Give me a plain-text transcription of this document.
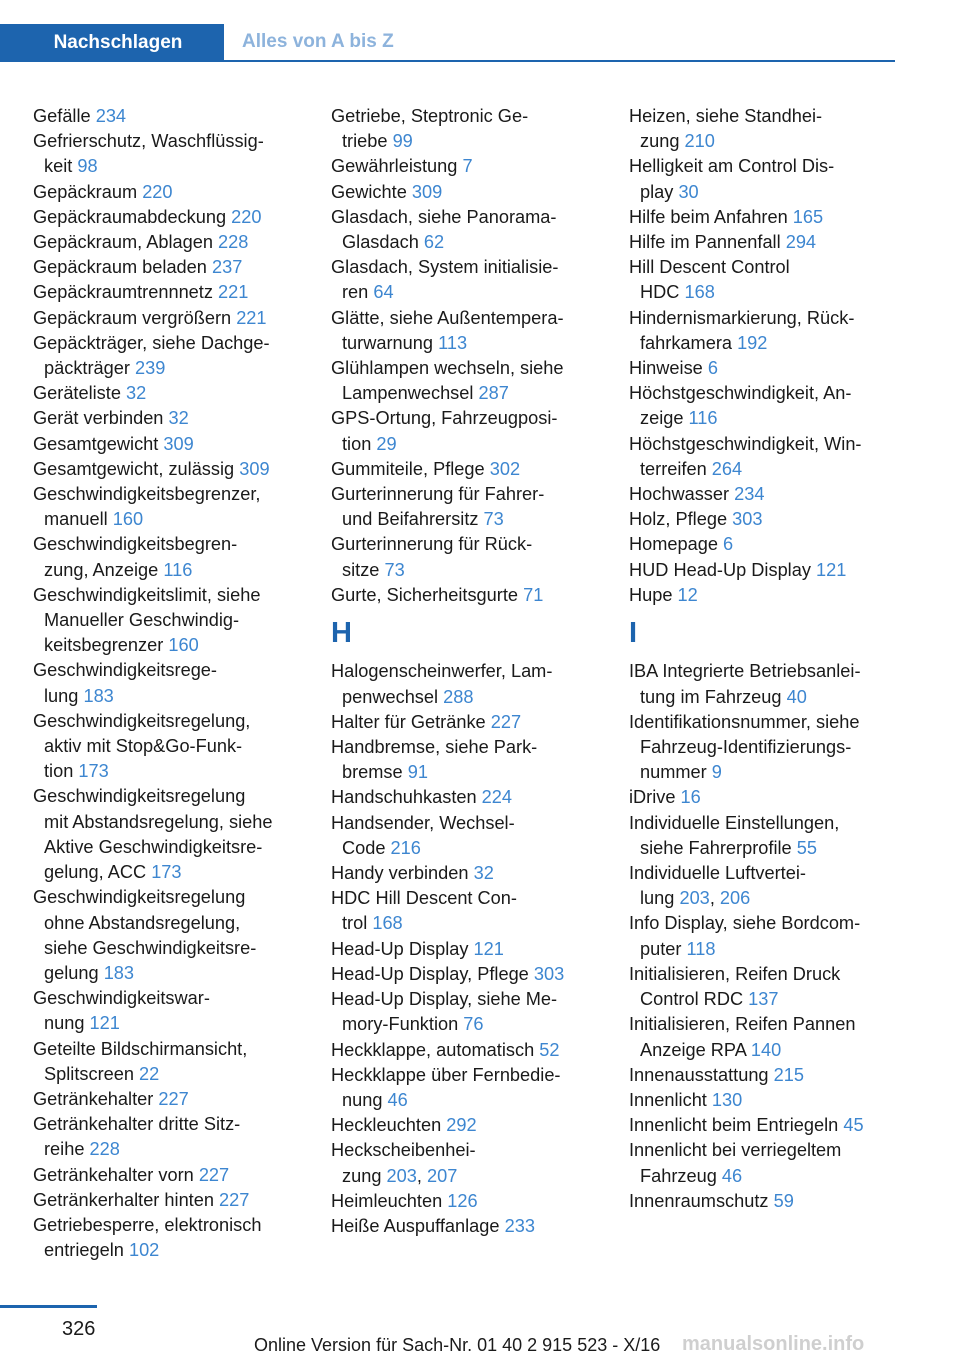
Nachschlagen	Alles von A bis Z
Gefälle 234
Gefrierschutz, Waschflüssig-
keit 98
Gepäckraum 220
Gepäckraumabdeckung 220
Gepäckraum, Ablagen 228
Gepäckraum beladen 237
Gepäckraumtrennnetz 221
Gepäckraum vergrößern 221
Gepäckträger, siehe Dachge-
päckträger 239
Geräteliste 32
Gerät verbinden 32
Gesamtgewicht 309
Gesamtgewicht, zulässig 309
Geschwindigkeitsbegrenzer,
manuell 160
Geschwindigkeitsbegren-
zung, Anzeige 116
Geschwindigkeitslimit, siehe
Manueller Geschwindig-
keitsbegrenzer 160
Geschwindigkeitsrege-
lung 183
Geschwindigkeitsregelung,
aktiv mit Stop&Go-Funk-
tion 173
Geschwindigkeitsregelung
mit Abstandsregelung, siehe
Aktive Geschwindigkeitsre-
gelung, ACC 173
Geschwindigkeitsregelung
ohne Abstandsregelung,
siehe Geschwindigkeitsre-
gelung 183
Geschwindigkeitswar-
nung 121
Geteilte Bildschirmansicht,
Splitscreen 22
Getränkehalter 227
Getränkehalter dritte Sitz-
reihe 228
Getränkehalter vorn 227
Getränkerhalter hinten 227
Getriebesperre, elektronisch
entriegeln 102
Getriebe, Steptronic Ge-
triebe 99
Gewährleistung 7
Gewichte 309
Glasdach, siehe Panorama-
Glasdach 62
Glasdach, System initialisie-
ren 64
Glätte, siehe Außentempera-
turwarnung 113
Glühlampen wechseln, siehe
Lampenwechsel 287
GPS-Ortung, Fahrzeugposi-
tion 29
Gummiteile, Pflege 302
Gurterinnerung für Fahrer-
und Beifahrersitz 73
Gurterinnerung für Rück-
sitze 73
Gurte, Sicherheitsgurte 71
H
Halogenscheinwerfer, Lam-
penwechsel 288
Halter für Getränke 227
Handbremse, siehe Park-
bremse 91
Handschuhkasten 224
Handsender, Wechsel-
Code 216
Handy verbinden 32
HDC Hill Descent Con-
trol 168
Head-Up Display 121
Head-Up Display, Pflege 303
Head-Up Display, siehe Me-
mory-Funktion 76
Heckklappe, automatisch 52
Heckklappe über Fernbedie-
nung 46
Heckleuchten 292
Heckscheibenhei-
zung 203, 207
Heimleuchten 126
Heiße Auspuffanlage 233
Heizen, siehe Standhei-
zung 210
Helligkeit am Control Dis-
play 30
Hilfe beim Anfahren 165
Hilfe im Pannenfall 294
Hill Descent Control
HDC 168
Hindernismarkierung, Rück-
fahrkamera 192
Hinweise 6
Höchstgeschwindigkeit, An-
zeige 116
Höchstgeschwindigkeit, Win-
terreifen 264
Hochwasser 234
Holz, Pflege 303
Homepage 6
HUD Head-Up Display 121
Hupe 12
I
IBA Integrierte Betriebsanlei-
tung im Fahrzeug 40
Identifikationsnummer, siehe
Fahrzeug-Identifizierungs-
nummer 9
iDrive 16
Individuelle Einstellungen,
siehe Fahrerprofile 55
Individuelle Luftvertei-
lung 203, 206
Info Display, siehe Bordcom-
puter 118
Initialisieren, Reifen Druck
Control RDC 137
Initialisieren, Reifen Pannen
Anzeige RPA 140
Innenausstattung 215
Innenlicht 130
Innenlicht beim Entriegeln 45
Innenlicht bei verriegeltem
Fahrzeug 46
Innenraumschutz 59
326
Online Version für Sach-Nr. 01 40 2 915 523 - X/16 manualsonline.info
